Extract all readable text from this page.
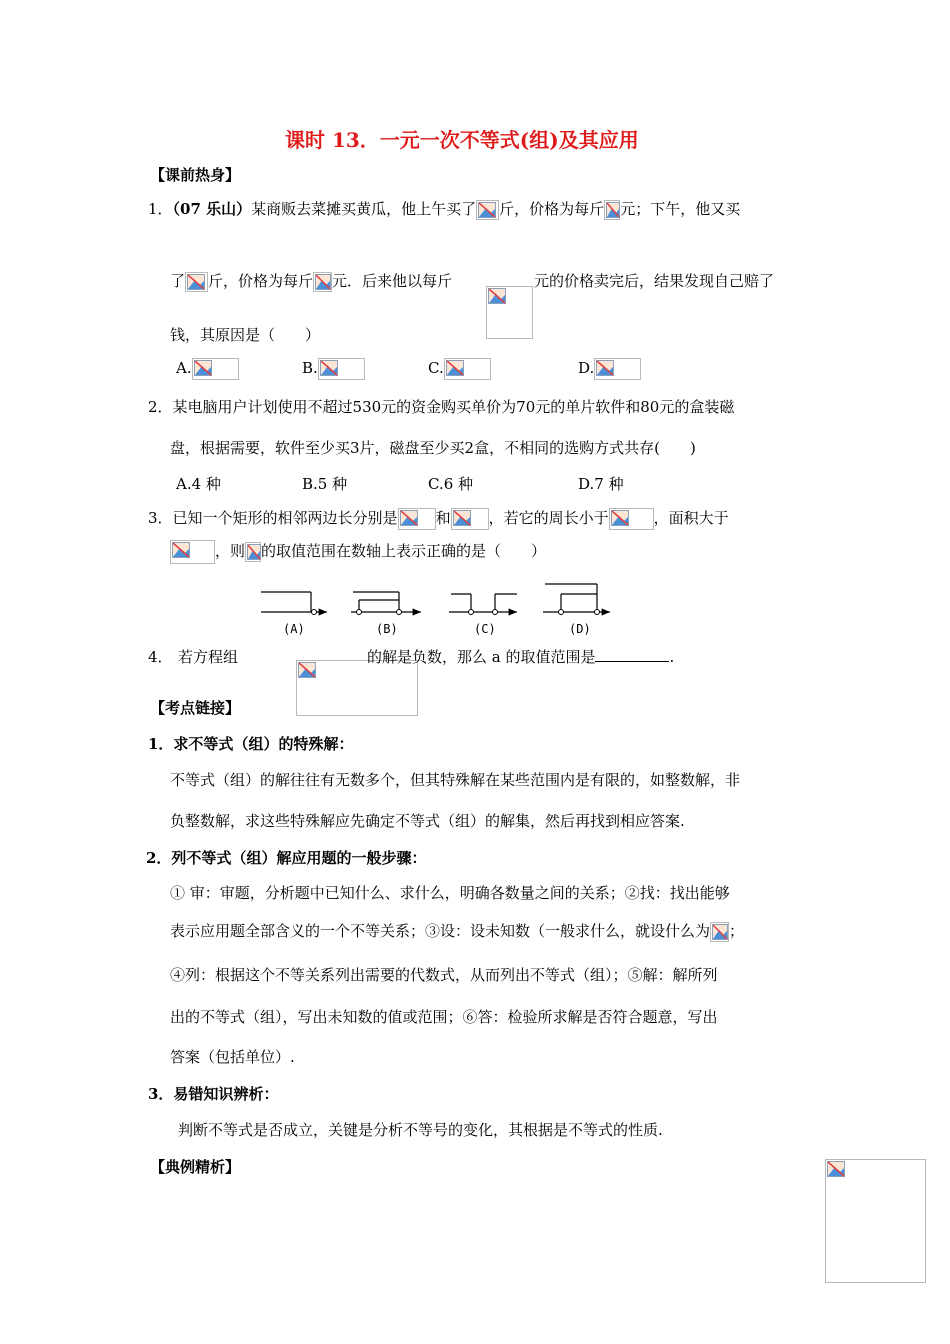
课时 13．一元一次不等式(组)及其应用
【课前热身】
1．（07 乐山）某商贩去菜摊买黄瓜，他上午买了 斤，价格为每斤 元；下午，他又买
了 斤，价格为每斤 元．后来他以每斤
	元的价格卖完后，结果发现自己赔了
钱，其原因是（　　）
A.	B.	C.	D.
2．某电脑用户计划使用不超过530元的资金购买单价为70元的单片软件和80元的盒装磁
盘，根据需要，软件至少买3片，磁盘至少买2盒，不相同的选购方式共存(　　)
A.4 种	B.5 种	C.6 种	D.7 种
3．已知一个矩形的相邻两边长分别是	和	，若它的周长小于	，面积大于
，则 的取值范围在数轴上表示正确的是（　　）
(A)	(B)	(C)	(D)
4． 若方程组
	的解是负数，那么 a 的取值范围是	.
【考点链接】
1．求不等式（组）的特殊解：
不等式（组）的解往往有无数多个，但其特殊解在某些范围内是有限的，如整数解，非
负整数解，求这些特殊解应先确定不等式（组）的解集，然后再找到相应答案.
2．列不等式（组）解应用题的一般步骤：
① 审：审题，分析题中已知什么、求什么，明确各数量之间的关系；②找：找出能够
表示应用题全部含义的一个不等关系；③设：设未知数（一般求什么，就设什么为 ；
④列：根据这个不等关系列出需要的代数式，从而列出不等式（组）；⑤解：解所列
出的不等式（组），写出未知数的值或范围；⑥答：检验所求解是否符合题意，写出
答案（包括单位）.
3．易错知识辨析：
判断不等式是否成立，关键是分析不等号的变化，其根据是不等式的性质.
【典例精析】
